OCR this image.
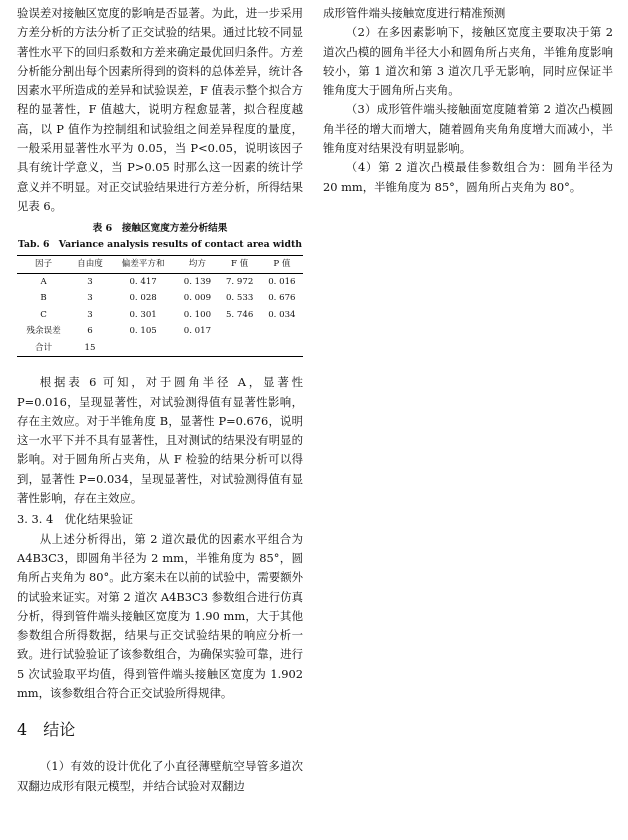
验误差对接触区宽度的影响是否显著。为此，进一步采用方差分析的方法分析了正交试验的结果。通过比较不同显著性水平下的回归系数和方差来确定最优回归条件。方差分析能分割出每个因素所得到的资料的总体差异，统计各因素水平所造成的差异和试验误差，F 值表示整个拟合方程的显著性，F 值越大，说明方程愈显著，拟合程度越高，以 P 值作为控制组和试验组之间差异程度的量度，一般采用显著性水平为 0.05，当 P<0.05，说明该因子具有统计学意义，当 P>0.05 时那么这一因素的统计学意义并不明显。对正交试验结果进行方差分析，所得结果见表 6。

表 6　接触区宽度方差分析结果
Tab. 6　Variance analysis results of contact area width
因子	自由度	偏差平方和	均方	F 值	P 值
A	3	0. 417	0. 139	7. 972	0. 016
B	3	0. 028	0. 009	0. 533	0. 676
C	3	0. 301	0. 100	5. 746	0. 034
残余误差	6	0. 105	0. 017		
合计	15				

根据表 6 可知，对于圆角半径 A，显著性 P=0.016，呈现显著性，对试验测得值有显著性影响，存在主效应。对于半锥角度 B，显著性 P=0.676，说明这一水平下并不具有显著性，且对测试的结果没有明显的影响。对于圆角所占夹角，从 F 检验的结果分析可以得到，显著性 P=0.034，呈现显著性，对试验测得值有显著性影响，存在主效应。

3. 3. 4　优化结果验证

从上述分析得出，第 2 道次最优的因素水平组合为 A4B3C3，即圆角半径为 2 mm，半锥角度为 85°，圆角所占夹角为 80°。此方案未在以前的试验中，需要额外的试验来证实。对第 2 道次 A4B3C3 参数组合进行仿真分析，得到管件端头接触区宽度为 1.90 mm，大于其他参数组合所得数据，结果与正交试验结果的响应分析一致。进行试验验证了该参数组合，为确保实验可靠，进行 5 次试验取平均值，得到管件端头接触区宽度为 1.902 mm，该参数组合符合正交试验所得规律。

4 结论

（1）有效的设计优化了小直径薄壁航空导管多道次双翻边成形有限元模型，并结合试验对双翻边

成形管件端头接触宽度进行精准预测

（2）在多因素影响下，接触区宽度主要取决于第 2 道次凸模的圆角半径大小和圆角所占夹角，半锥角度影响较小，第 1 道次和第 3 道次几乎无影响，同时应保证半锥角度大于圆角所占夹角。

（3）成形管件端头接触面宽度随着第 2 道次凸模圆角半径的增大而增大，随着圆角夹角角度增大而减小，半锥角度对结果没有明显影响。

（4）第 2 道次凸模最佳参数组合为：圆角半径为 20 mm，半锥角度为 85°，圆角所占夹角为 80°。
